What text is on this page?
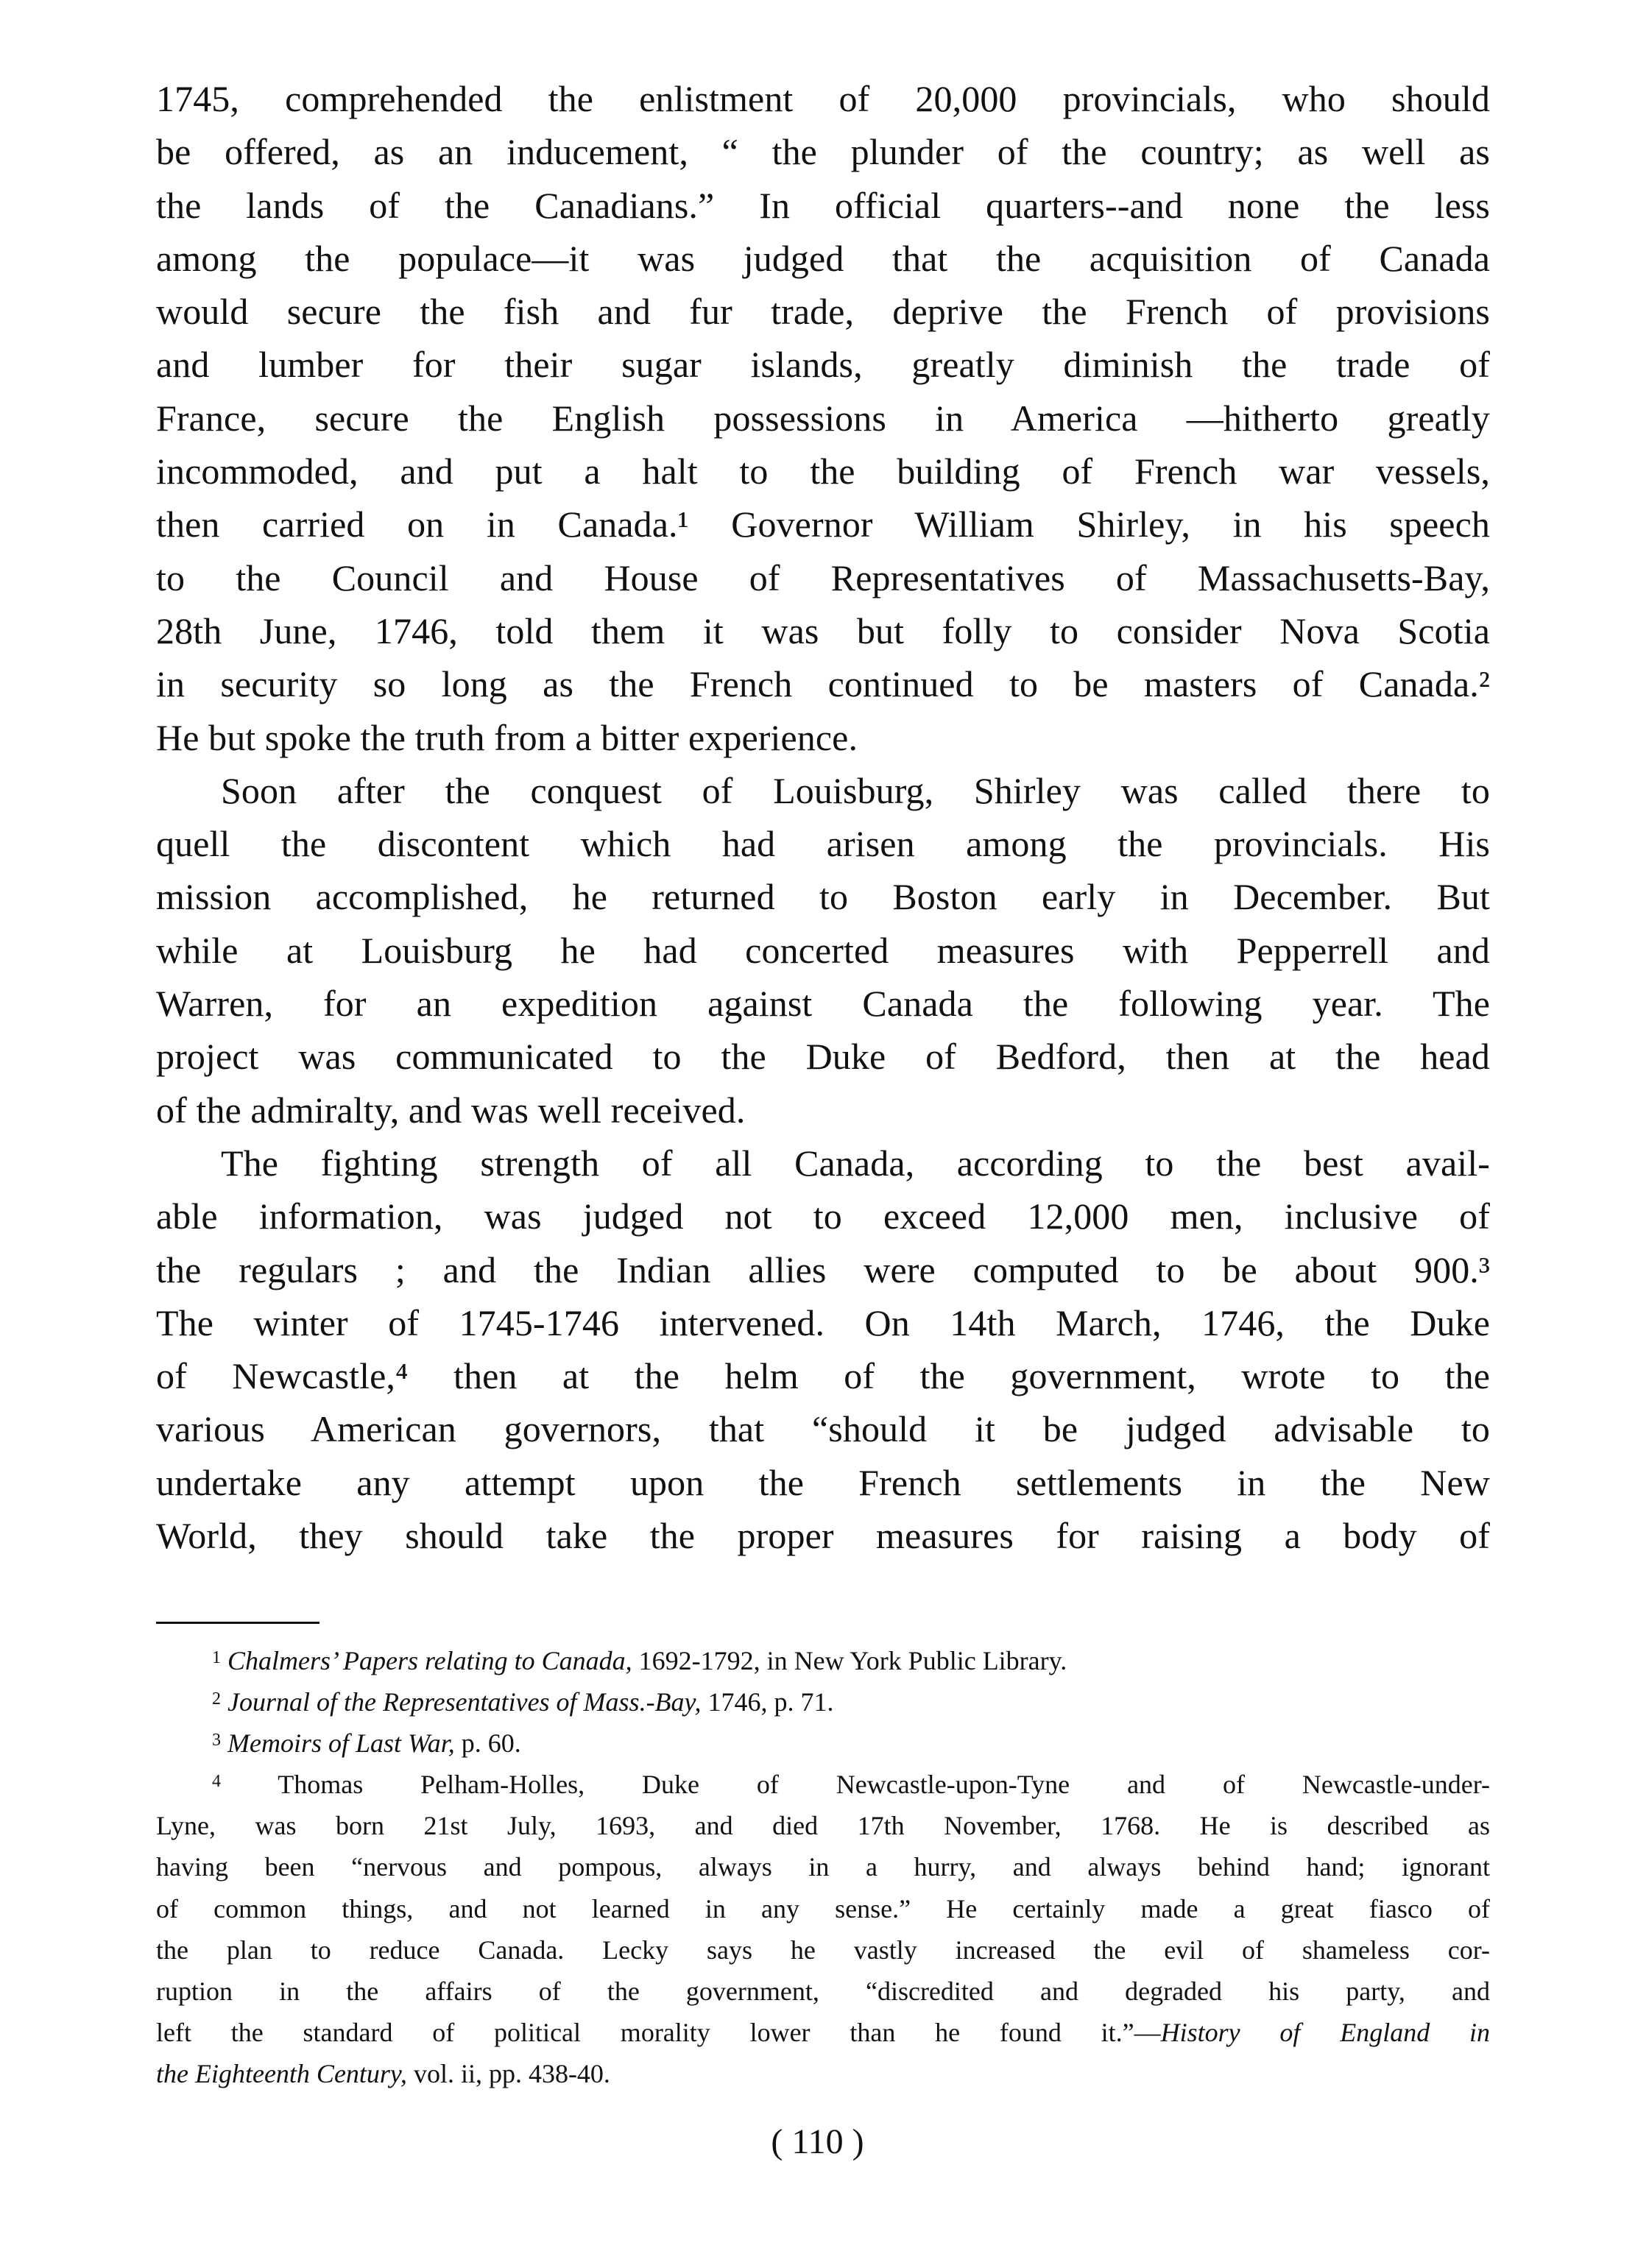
1745, comprehended the enlistment of 20,000 provincials, who should
be offered, as an inducement, “ the plunder of the country; as well as
the lands of the Canadians.” In official quarters--and none the less
among the populace—it was judged that the acquisition of Canada
would secure the fish and fur trade, deprive the French of provisions
and lumber for their sugar islands, greatly diminish the trade of
France, secure the English possessions in America —hitherto greatly
incommoded, and put a halt to the building of French war vessels,
then carried on in Canada.¹ Governor William Shirley, in his speech
to the Council and House of Representatives of Massachusetts-Bay,
28th June, 1746, told them it was but folly to consider Nova Scotia
in security so long as the French continued to be masters of Canada.²
He but spoke the truth from a bitter experience.
Soon after the conquest of Louisburg, Shirley was called there to
quell the discontent which had arisen among the provincials. His
mission accomplished, he returned to Boston early in December. But
while at Louisburg he had concerted measures with Pepperrell and
Warren, for an expedition against Canada the following year. The
project was communicated to the Duke of Bedford, then at the head
of the admiralty, and was well received.
The fighting strength of all Canada, according to the best avail-
able information, was judged not to exceed 12,000 men, inclusive of
the regulars ; and the Indian allies were computed to be about 900.³
The winter of 1745-1746 intervened. On 14th March, 1746, the Duke
of Newcastle,⁴ then at the helm of the government, wrote to the
various American governors, that “should it be judged advisable to
undertake any attempt upon the French settlements in the New
World, they should take the proper measures for raising a body of
$^1$ Chalmers’ Papers relating to Canada, 1692-1792, in New York Public Library.
$^2$ Journal of the Representatives of Mass.-Bay, 1746, p. 71.
$^3$ Memoirs of Last War, p. 60.
$^4$ Thomas Pelham-Holles, Duke of Newcastle-upon-Tyne and of Newcastle-under-
Lyne, was born 21st July, 1693, and died 17th November, 1768. He is described as
having been “nervous and pompous, always in a hurry, and always behind hand; ignorant
of common things, and not learned in any sense.” He certainly made a great fiasco of
the plan to reduce Canada. Lecky says he vastly increased the evil of shameless cor-
ruption in the affairs of the government, “discredited and degraded his party, and
left the standard of political morality lower than he found it.”—History of England in
the Eighteenth Century, vol. ii, pp. 438-40.
( 110 )
